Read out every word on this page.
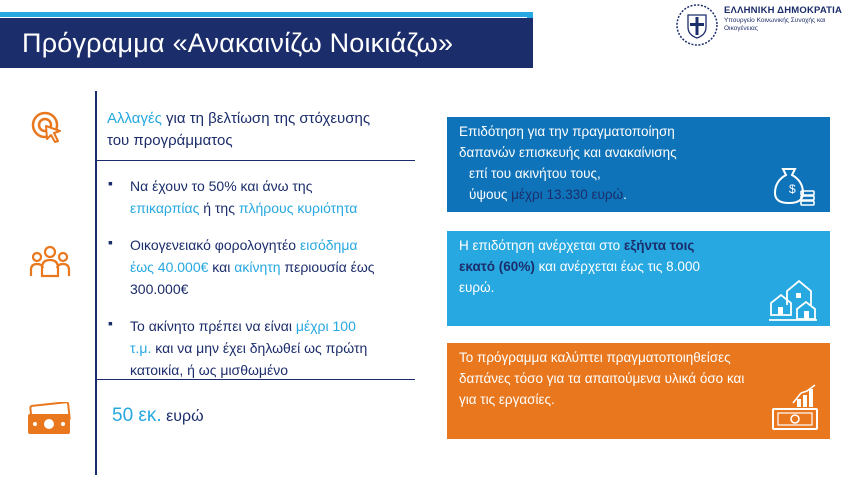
Πρόγραμμα «Ανακαινίζω Νοικιάζω»
ΕΛΛΗΝΙΚΗ ΔΗΜΟΚΡΑΤΙΑ
Υπουργείο Κοινωνικής Συνοχής και Οικογένειας
Αλλαγές για τη βελτίωση της στόχευσης
του προγράμματος
▪ Να έχουν το 50% και άνω της
επικαρπίας ή της πλήρους κυριότητα
▪ Οικογενειακό φορολογητέο εισόδημα
έως 40.000€ και ακίνητη περιουσία έως
300.000€
▪ Το ακίνητο πρέπει να είναι μέχρι 100
τ.μ. και να μην έχει δηλωθεί ως πρώτη
κατοικία, ή ως μισθωμένο
50 εκ. ευρώ
Επιδότηση για την πραγματοποίηση
δαπανών επισκευής και ανακαίνισης
επί του ακινήτου τους,
ύψους μέχρι 13.330 ευρώ.	$
Η επιδότηση ανέρχεται στο εξήντα τοις
εκατό (60%) και ανέρχεται έως τις 8.000
ευρώ.
Το πρόγραμμα καλύπτει πραγματοποιηθείσες
δαπάνες τόσο για τα απαιτούμενα υλικά όσο και
για τις εργασίες.
